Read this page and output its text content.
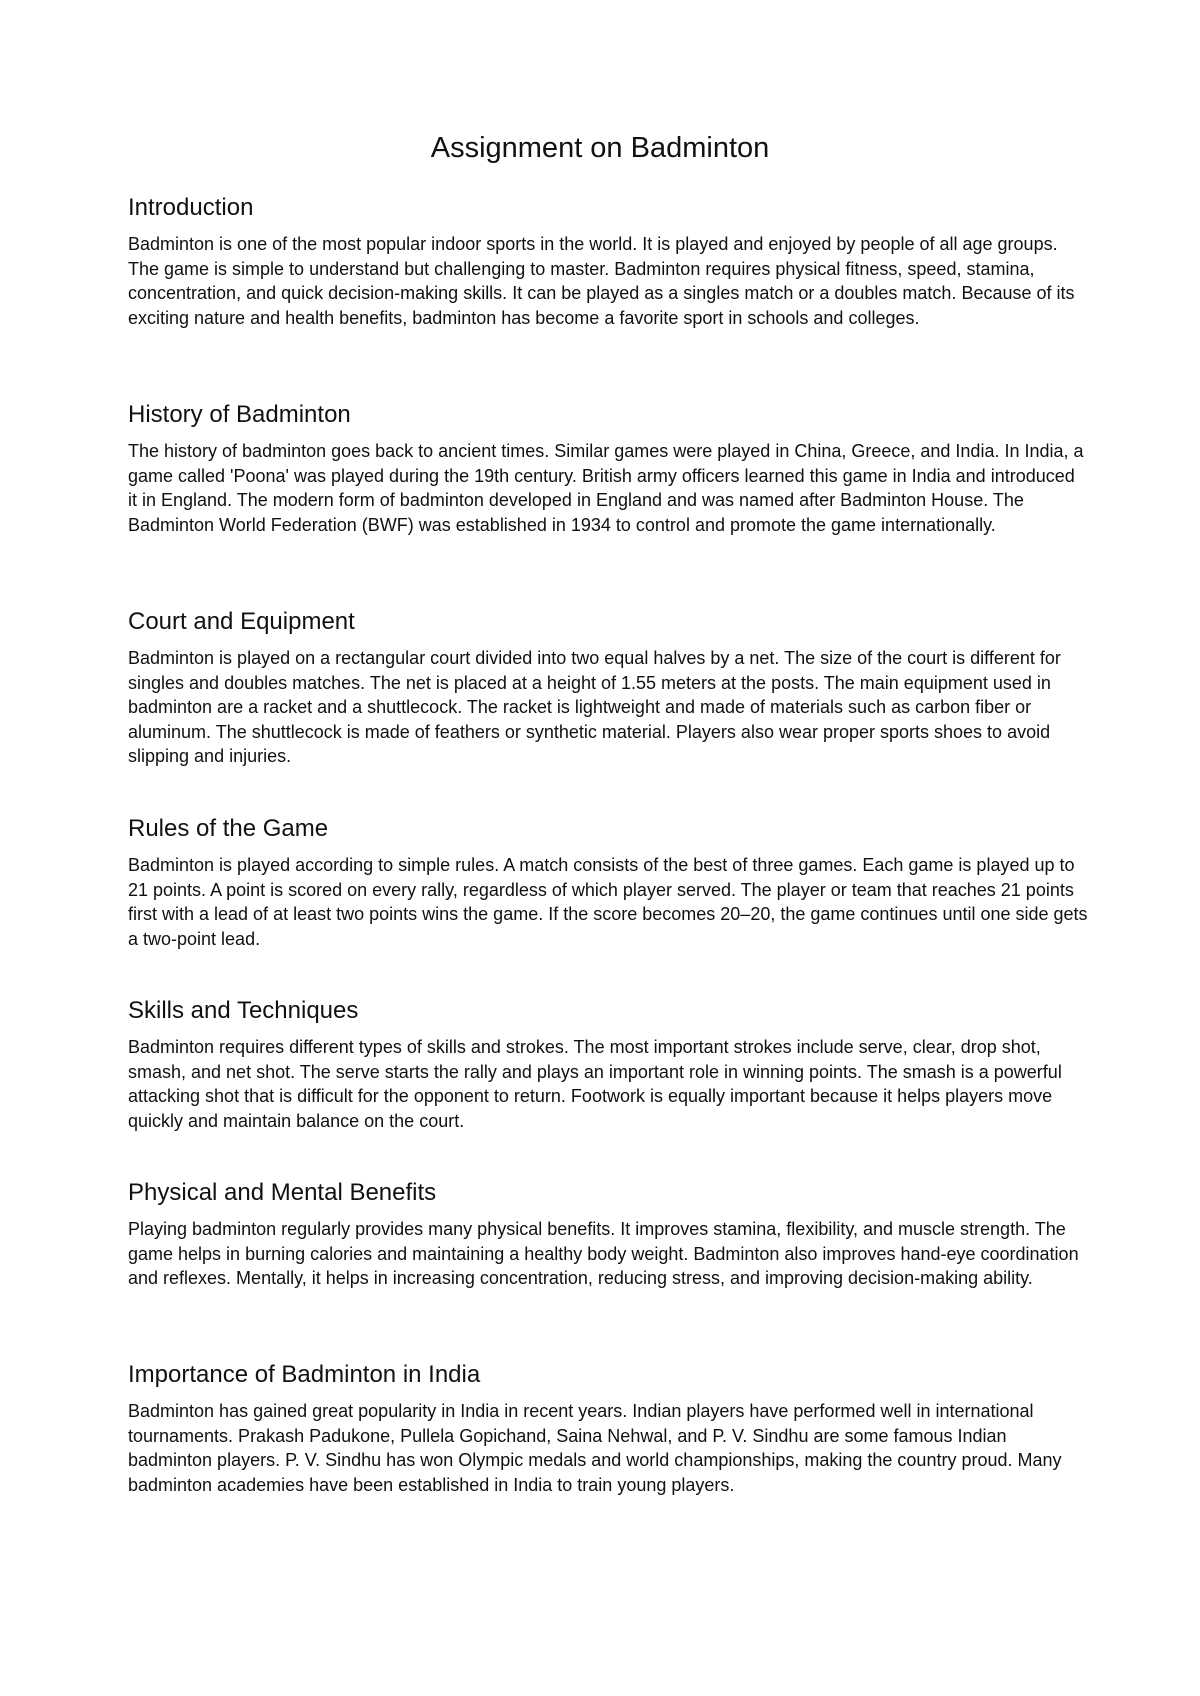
Assignment on Badminton
Introduction

Badminton is one of the most popular indoor sports in the world. It is played and enjoyed by people of all age groups. The game is simple to understand but challenging to master. Badminton requires physical fitness, speed, stamina, concentration, and quick decision-making skills. It can be played as a singles match or a doubles match. Because of its exciting nature and health benefits, badminton has become a favorite sport in schools and colleges.

History of Badminton

The history of badminton goes back to ancient times. Similar games were played in China, Greece, and India. In India, a game called 'Poona' was played during the 19th century. British army officers learned this game in India and introduced it in England. The modern form of badminton developed in England and was named after Badminton House. The Badminton World Federation (BWF) was established in 1934 to control and promote the game internationally.

Court and Equipment

Badminton is played on a rectangular court divided into two equal halves by a net. The size of the court is different for singles and doubles matches. The net is placed at a height of 1.55 meters at the posts. The main equipment used in badminton are a racket and a shuttlecock. The racket is lightweight and made of materials such as carbon fiber or aluminum. The shuttlecock is made of feathers or synthetic material. Players also wear proper sports shoes to avoid slipping and injuries.

Rules of the Game

Badminton is played according to simple rules. A match consists of the best of three games. Each game is played up to 21 points. A point is scored on every rally, regardless of which player served. The player or team that reaches 21 points first with a lead of at least two points wins the game. If the score becomes 20–20, the game continues until one side gets a two-point lead.

Skills and Techniques

Badminton requires different types of skills and strokes. The most important strokes include serve, clear, drop shot, smash, and net shot. The serve starts the rally and plays an important role in winning points. The smash is a powerful attacking shot that is difficult for the opponent to return. Footwork is equally important because it helps players move quickly and maintain balance on the court.

Physical and Mental Benefits

Playing badminton regularly provides many physical benefits. It improves stamina, flexibility, and muscle strength. The game helps in burning calories and maintaining a healthy body weight. Badminton also improves hand-eye coordination and reflexes. Mentally, it helps in increasing concentration, reducing stress, and improving decision-making ability.

Importance of Badminton in India

Badminton has gained great popularity in India in recent years. Indian players have performed well in international tournaments. Prakash Padukone, Pullela Gopichand, Saina Nehwal, and P. V. Sindhu are some famous Indian badminton players. P. V. Sindhu has won Olympic medals and world championships, making the country proud. Many badminton academies have been established in India to train young players.
